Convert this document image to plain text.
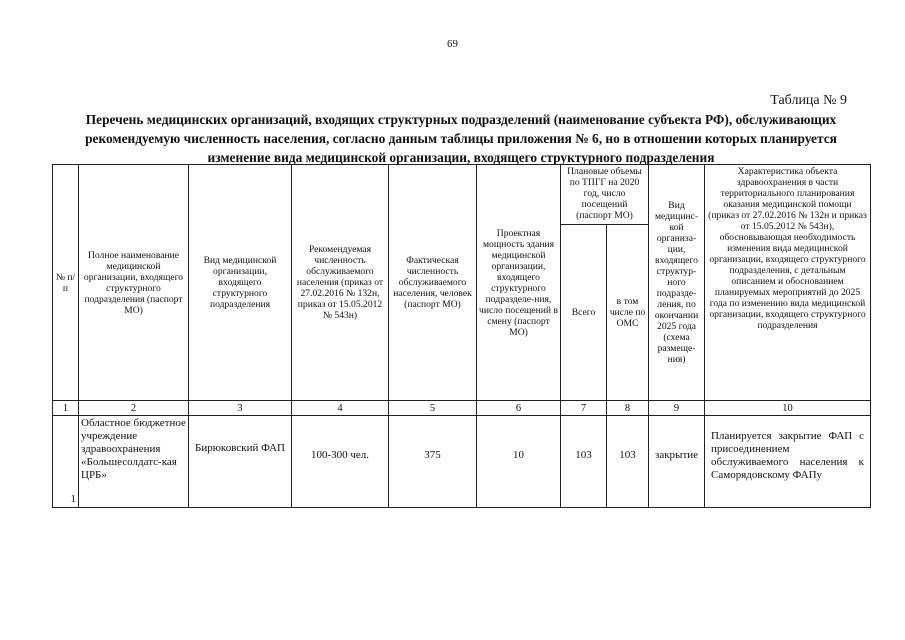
69
Таблица № 9
Перечень медицинских организаций, входящих структурных подразделений (наименование субъекта РФ), обслуживающих рекомендуемую численность населения, согласно данным таблицы приложения № 6, но в отношении которых планируется изменение вида медицинской организации, входящего структурного подразделения
№ п/п	Полное наименование медицинской организации, входящего структурного подразделения (паспорт МО)	Вид медицинской организации, входящего структурного подразделения	Рекомендуемая численность обслуживаемого населения (приказ от 27.02.2016 № 132н, приказ от 15.05.2012 № 543н)	Фактическая численность обслуживаемого населения, человек (паспорт МО)	Проектная мощность здания медицинской организации, входящего структурного подразделе-ния, число посещений в смену (паспорт МО)	Плановые объемы по ТПГГ на 2020 год, число посещений (паспорт МО)		Вид медицинс-кой организа-ции, входящего структур-ного подразде-ления, по окончании 2025 года (схема размеще-ния)	Характеристика объекта здравоохранения в части территориального планирования оказания медицинской помощи (приказ от 27.02.2016 № 132н и приказ от 15.05.2012 № 543н), обосновывающая необходимость изменения вида медицинской организации, входящего структурного подразделения, с детальным описанием и обоснованием планируемых мероприятий до 2025 года по изменению вида медицинской организации, входящего структурного подразделения
						Всего	в том числе по ОМС		
1	2	3	4	5	6	7	8	9	10
1	Областное бюджетное учреждение здравоохранения «Большесолдатс-кая ЦРБ»	Бирюковский ФАП	100-300 чел.	375	10	103	103	закрытие	Планируется закрытие ФАП с присоединением обслуживаемого населения к Саморядовскому ФАПу
